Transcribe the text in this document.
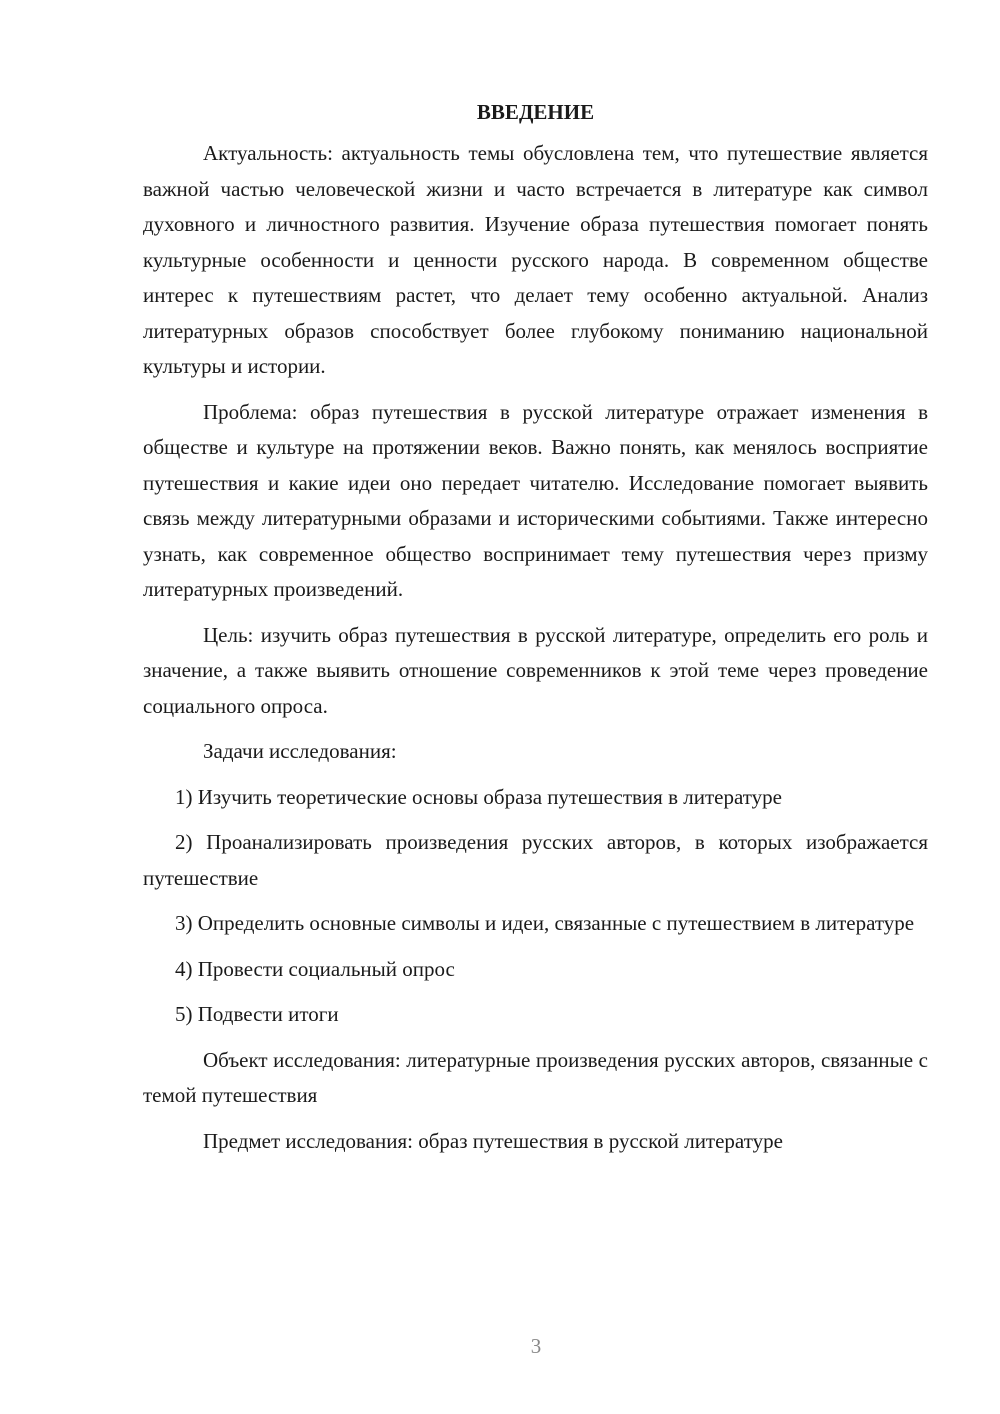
ВВЕДЕНИЕ

Актуальность: актуальность темы обусловлена тем, что путешествие является важной частью человеческой жизни и часто встречается в литературе как символ духовного и личностного развития. Изучение образа путешествия помогает понять культурные особенности и ценности русского народа. В современном обществе интерес к путешествиям растет, что делает тему особенно актуальной. Анализ литературных образов способствует более глубокому пониманию национальной культуры и истории.

Проблема: образ путешествия в русской литературе отражает изменения в обществе и культуре на протяжении веков. Важно понять, как менялось восприятие путешествия и какие идеи оно передает читателю. Исследование помогает выявить связь между литературными образами и историческими событиями. Также интересно узнать, как современное общество воспринимает тему путешествия через призму литературных произведений.

Цель: изучить образ путешествия в русской литературе, определить его роль и значение, а также выявить отношение современников к этой теме через проведение социального опроса.

Задачи исследования:

1) Изучить теоретические основы образа путешествия в литературе

2) Проанализировать произведения русских авторов, в которых изображается путешествие

3) Определить основные символы и идеи, связанные с путешествием в литературе

4) Провести социальный опрос

5) Подвести итоги

Объект исследования: литературные произведения русских авторов, связанные с темой путешествия

Предмет исследования: образ путешествия в русской литературе

3
